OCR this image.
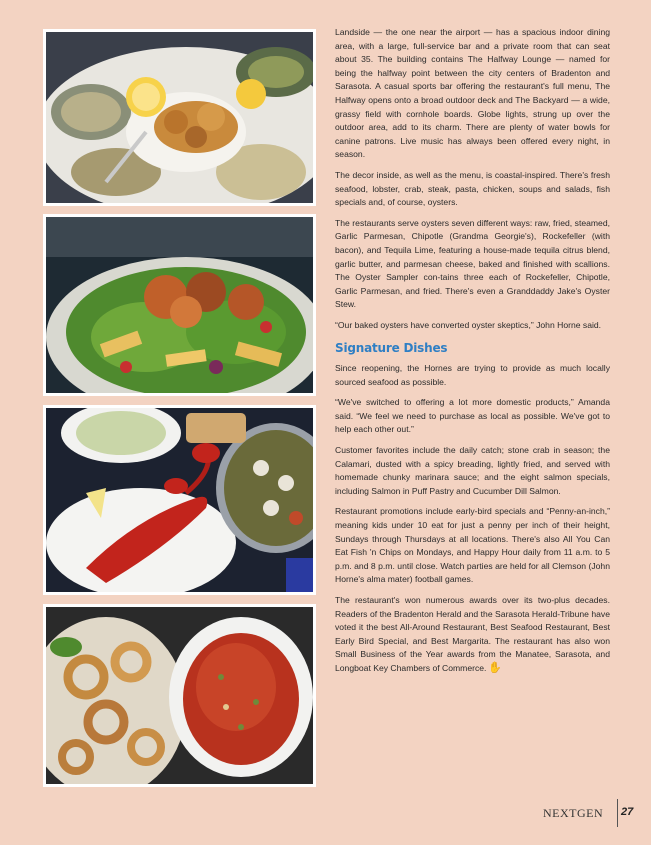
Landside — the one near the airport — has a spacious indoor dining area, with a large, full-service bar and a private room that can seat about 35. The building contains The Halfway Lounge — named for being the halfway point between the city centers of Bradenton and Sarasota. A casual sports bar offering the restaurant's full menu, The Halfway opens onto a broad outdoor deck and The Backyard — a wide, grassy field with cornhole boards. Globe lights, strung up over the outdoor area, add to its charm. There are plenty of water bowls for canine patrons. Live music has always been offered every night, in season.

The decor inside, as well as the menu, is coastal-inspired. There's fresh seafood, lobster, crab, steak, pasta, chicken, soups and salads, fish specials and, of course, oysters.

The restaurants serve oysters seven different ways: raw, fried, steamed, Garlic Parmesan, Chipotle (Grandma Georgie's), Rockefeller (with bacon), and Tequila Lime, featuring a house-made tequila citrus blend, garlic butter, and parmesan cheese, baked and finished with scallions. The Oyster Sampler con-tains three each of Rockefeller, Chipotle, Garlic Parmesan, and fried. There's even a Granddaddy Jake's Oyster Stew.

“Our baked oysters have converted oyster skeptics,” John Horne said.

Signature Dishes

Since reopening, the Hornes are trying to provide as much locally sourced seafood as possible.

“We've switched to offering a lot more domestic products,” Amanda said. “We feel we need to purchase as local as possible. We've got to help each other out.”

Customer favorites include the daily catch; stone crab in season; the Calamari, dusted with a spicy breading, lightly fried, and served with homemade chunky marinara sauce; and the eight salmon specials, including Salmon in Puff Pastry and Cucumber Dill Salmon.

Restaurant promotions include early-bird specials and “Penny-an-inch,” meaning kids under 10 eat for just a penny per inch of their height, Sundays through Thursdays at all locations. There's also All You Can Eat Fish 'n Chips on Mondays, and Happy Hour daily from 11 a.m. to 5 p.m. and 8 p.m. until close. Watch parties are held for all Clemson (John Horne's alma mater) football games.

The restaurant's won numerous awards over its two-plus decades. Readers of the Bradenton Herald and the Sarasota Herald-Tribune have voted it the best All-Around Restaurant, Best Seafood Restaurant, Best Early Bird Special, and Best Margarita. The restaurant has also won Small Business of the Year awards from the Manatee, Sarasota, and Longboat Key Chambers of Commerce. ✋

NEXTGEN 27
